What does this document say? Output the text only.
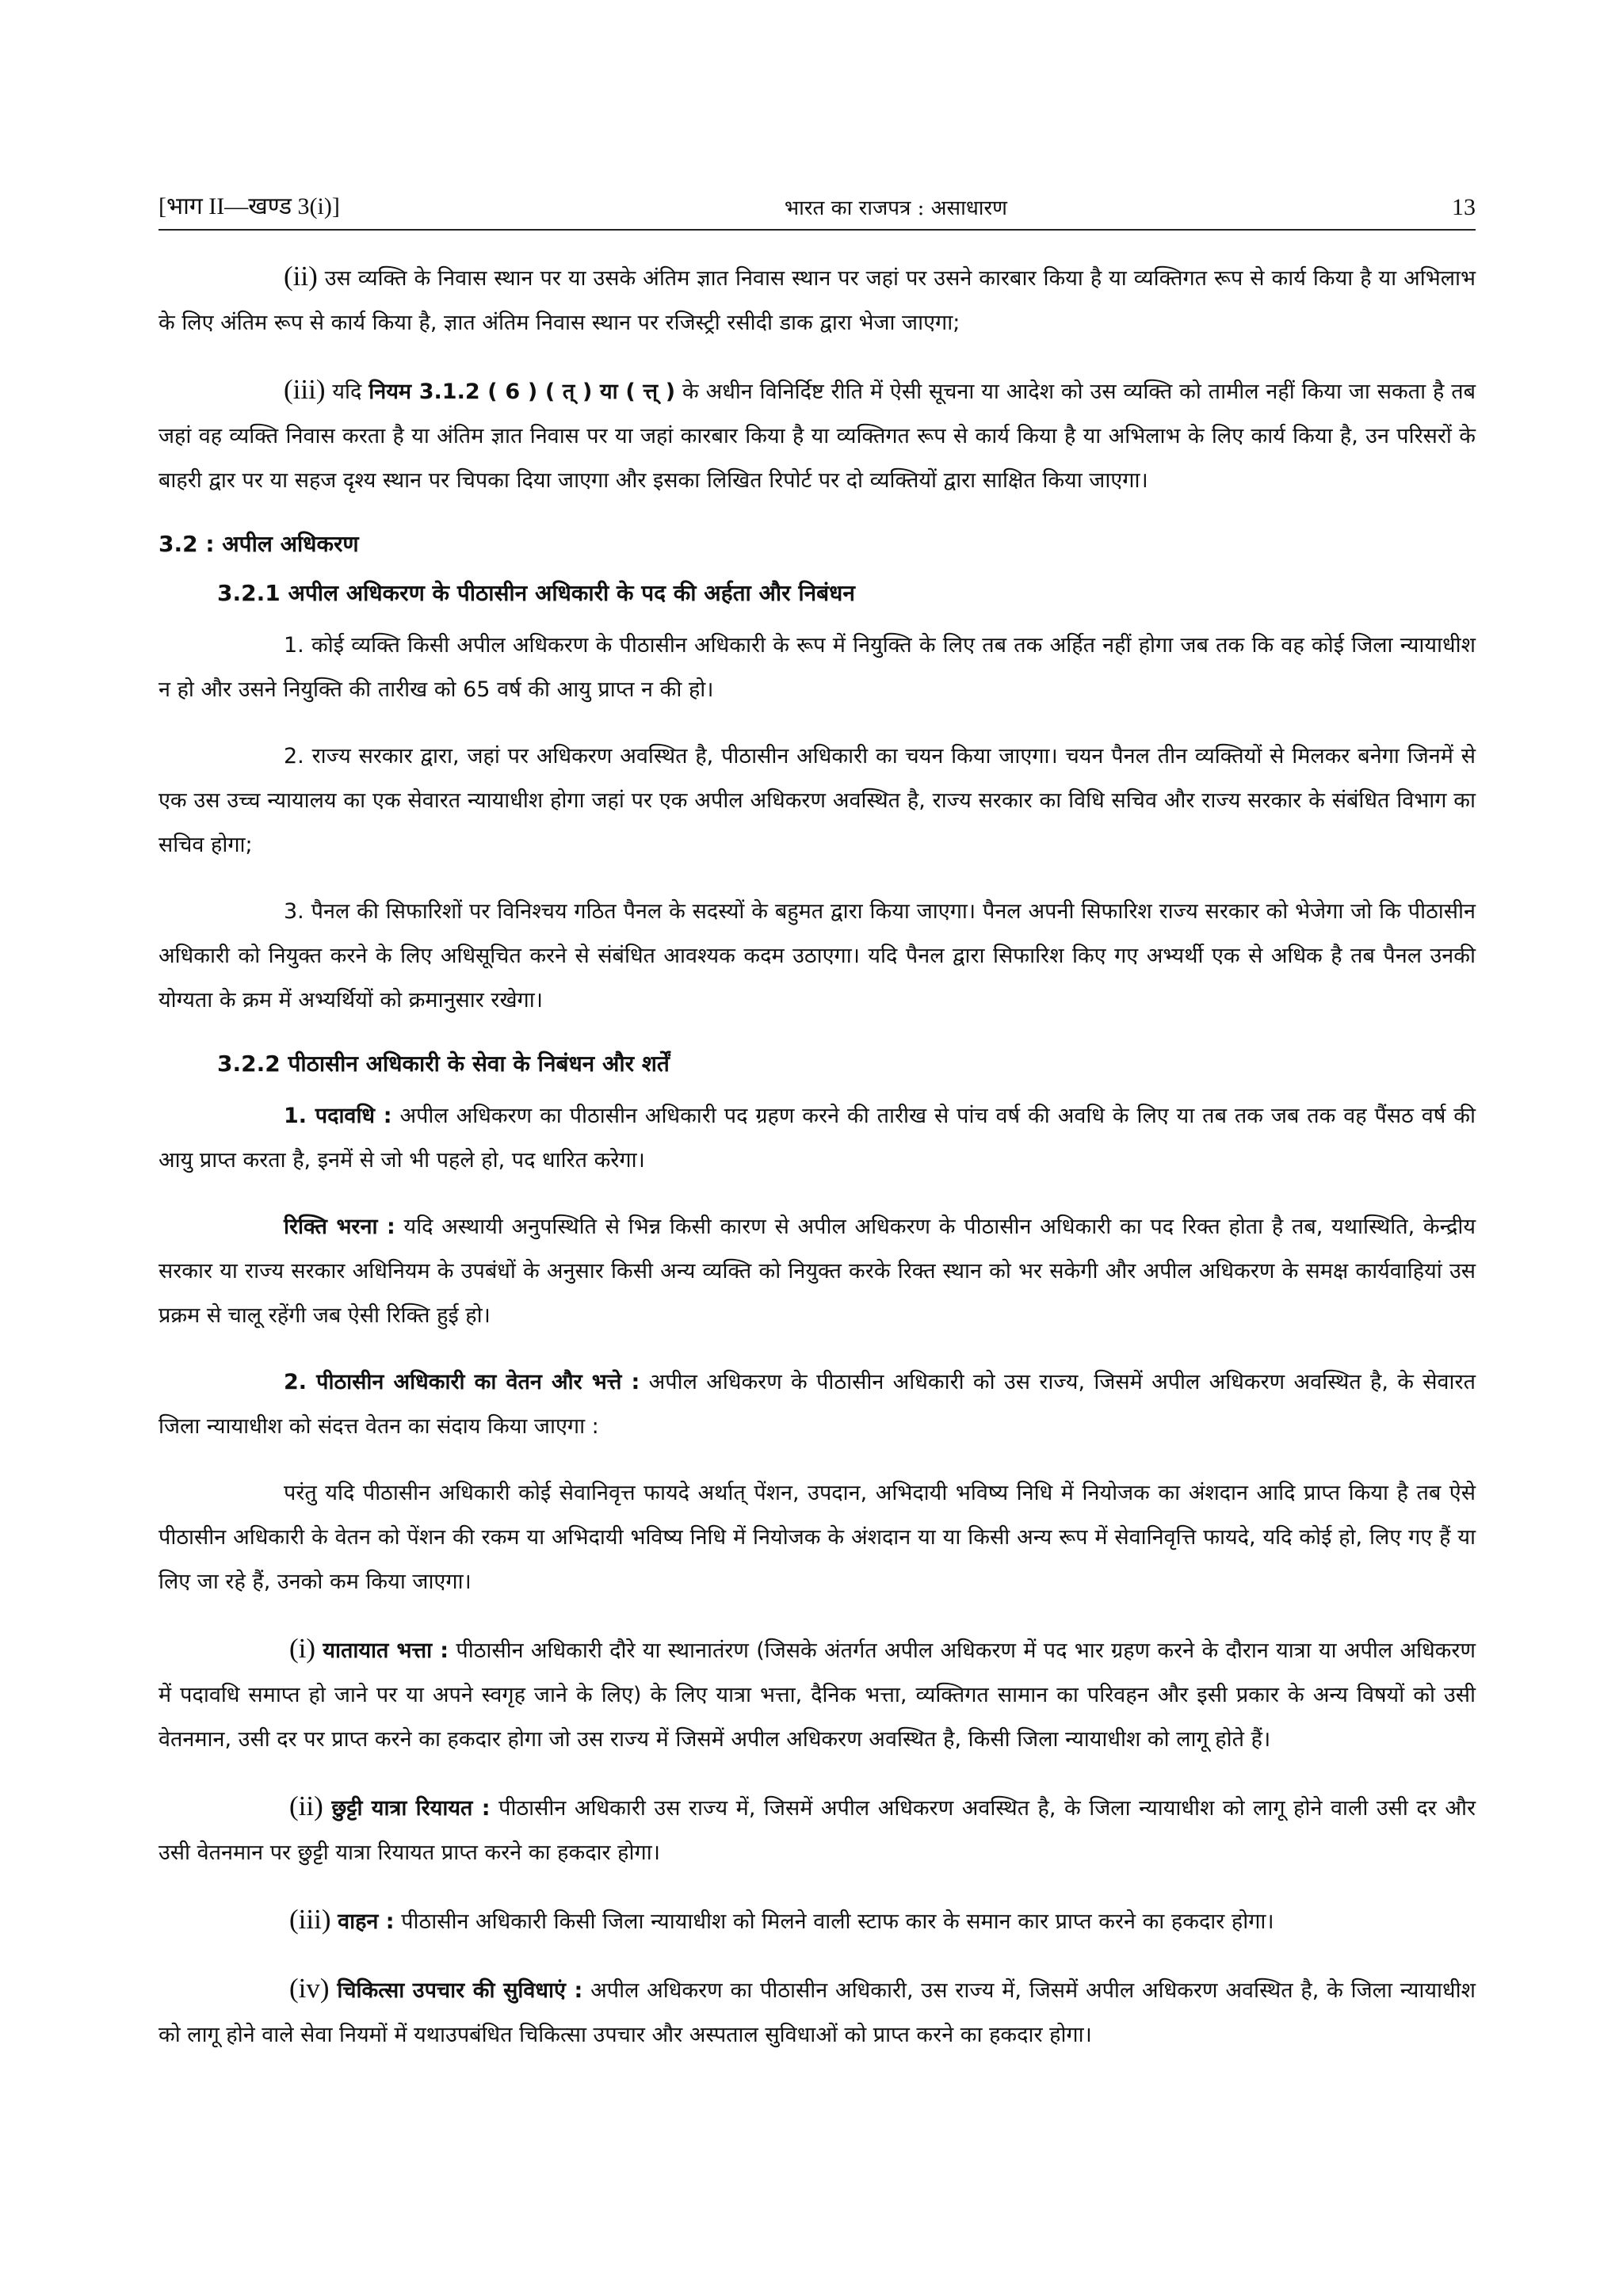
[भाग II—खण्ड 3(i)]	भारत का राजपत्र : असाधारण	13

(ii) उस व्यक्ति के निवास स्थान पर या उसके अंतिम ज्ञात निवास स्थान पर जहां पर उसने कारबार किया है या व्यक्तिगत रूप से कार्य किया है या अभिलाभ के लिए अंतिम रूप से कार्य किया है, ज्ञात अंतिम निवास स्थान पर रजिस्ट्री रसीदी डाक द्वारा भेजा जाएगा;

(iii) यदि नियम 3.1.2 ( 6 ) ( त् ) या ( त्त् ) के अधीन विनिर्दिष्ट रीति में ऐसी सूचना या आदेश को उस व्यक्ति को तामील नहीं किया जा सकता है तब जहां वह व्यक्ति निवास करता है या अंतिम ज्ञात निवास पर या जहां कारबार किया है या व्यक्तिगत रूप से कार्य किया है या अभिलाभ के लिए कार्य किया है, उन परिसरों के बाहरी द्वार पर या सहज दृश्य स्थान पर चिपका दिया जाएगा और इसका लिखित रिपोर्ट पर दो व्यक्तियों द्वारा साक्षित किया जाएगा।

3.2 : अपील अधिकरण
3.2.1 अपील अधिकरण के पीठासीन अधिकारी के पद की अर्हता और निबंधन

1. कोई व्यक्ति किसी अपील अधिकरण के पीठासीन अधिकारी के रूप में नियुक्ति के लिए तब तक अर्हित नहीं होगा जब तक कि वह कोई जिला न्यायाधीश न हो और उसने नियुक्ति की तारीख को 65 वर्ष की आयु प्राप्त न की हो।

2. राज्य सरकार द्वारा, जहां पर अधिकरण अवस्थित है, पीठासीन अधिकारी का चयन किया जाएगा। चयन पैनल तीन व्यक्तियों से मिलकर बनेगा जिनमें से एक उस उच्च न्यायालय का एक सेवारत न्यायाधीश होगा जहां पर एक अपील अधिकरण अवस्थित है, राज्य सरकार का विधि सचिव और राज्य सरकार के संबंधित विभाग का सचिव होगा;

3. पैनल की सिफारिशों पर विनिश्चय गठित पैनल के सदस्यों के बहुमत द्वारा किया जाएगा। पैनल अपनी सिफारिश राज्य सरकार को भेजेगा जो कि पीठासीन अधिकारी को नियुक्त करने के लिए अधिसूचित करने से संबंधित आवश्यक कदम उठाएगा। यदि पैनल द्वारा सिफारिश किए गए अभ्यर्थी एक से अधिक है तब पैनल उनकी योग्यता के क्रम में अभ्यर्थियों को क्रमानुसार रखेगा।

3.2.2 पीठासीन अधिकारी के सेवा के निबंधन और शर्तें

1. पदावधि : अपील अधिकरण का पीठासीन अधिकारी पद ग्रहण करने की तारीख से पांच वर्ष की अवधि के लिए या तब तक जब तक वह पैंसठ वर्ष की आयु प्राप्त करता है, इनमें से जो भी पहले हो, पद धारित करेगा।

रिक्ति भरना : यदि अस्थायी अनुपस्थिति से भिन्न किसी कारण से अपील अधिकरण के पीठासीन अधिकारी का पद रिक्त होता है तब, यथास्थिति, केन्द्रीय सरकार या राज्य सरकार अधिनियम के उपबंधों के अनुसार किसी अन्य व्यक्ति को नियुक्त करके रिक्त स्थान को भर सकेगी और अपील अधिकरण के समक्ष कार्यवाहियां उस प्रक्रम से चालू रहेंगी जब ऐसी रिक्ति हुई हो।

2. पीठासीन अधिकारी का वेतन और भत्ते : अपील अधिकरण के पीठासीन अधिकारी को उस राज्य, जिसमें अपील अधिकरण अवस्थित है, के सेवारत जिला न्यायाधीश को संदत्त वेतन का संदाय किया जाएगा :

परंतु यदि पीठासीन अधिकारी कोई सेवानिवृत्त फायदे अर्थात् पेंशन, उपदान, अभिदायी भविष्य निधि में नियोजक का अंशदान आदि प्राप्त किया है तब ऐसे पीठासीन अधिकारी के वेतन को पेंशन की रकम या अभिदायी भविष्य निधि में नियोजक के अंशदान या या किसी अन्य रूप में सेवानिवृत्ति फायदे, यदि कोई हो, लिए गए हैं या लिए जा रहे हैं, उनको कम किया जाएगा।

(i) यातायात भत्ता : पीठासीन अधिकारी दौरे या स्थानातंरण (जिसके अंतर्गत अपील अधिकरण में पद भार ग्रहण करने के दौरान यात्रा या अपील अधिकरण में पदावधि समाप्त हो जाने पर या अपने स्वगृह जाने के लिए) के लिए यात्रा भत्ता, दैनिक भत्ता, व्यक्तिगत सामान का परिवहन और इसी प्रकार के अन्य विषयों को उसी वेतनमान, उसी दर पर प्राप्त करने का हकदार होगा जो उस राज्य में जिसमें अपील अधिकरण अवस्थित है, किसी जिला न्यायाधीश को लागू होते हैं।

(ii) छुट्टी यात्रा रियायत : पीठासीन अधिकारी उस राज्य में, जिसमें अपील अधिकरण अवस्थित है, के जिला न्यायाधीश को लागू होने वाली उसी दर और उसी वेतनमान पर छुट्टी यात्रा रियायत प्राप्त करने का हकदार होगा।

(iii) वाहन : पीठासीन अधिकारी किसी जिला न्यायाधीश को मिलने वाली स्टाफ कार के समान कार प्राप्त करने का हकदार होगा।

(iv) चिकित्सा उपचार की सुविधाएं : अपील अधिकरण का पीठासीन अधिकारी, उस राज्य में, जिसमें अपील अधिकरण अवस्थित है, के जिला न्यायाधीश को लागू होने वाले सेवा नियमों में यथाउपबंधित चिकित्सा उपचार और अस्पताल सुविधाओं को प्राप्त करने का हकदार होगा।
